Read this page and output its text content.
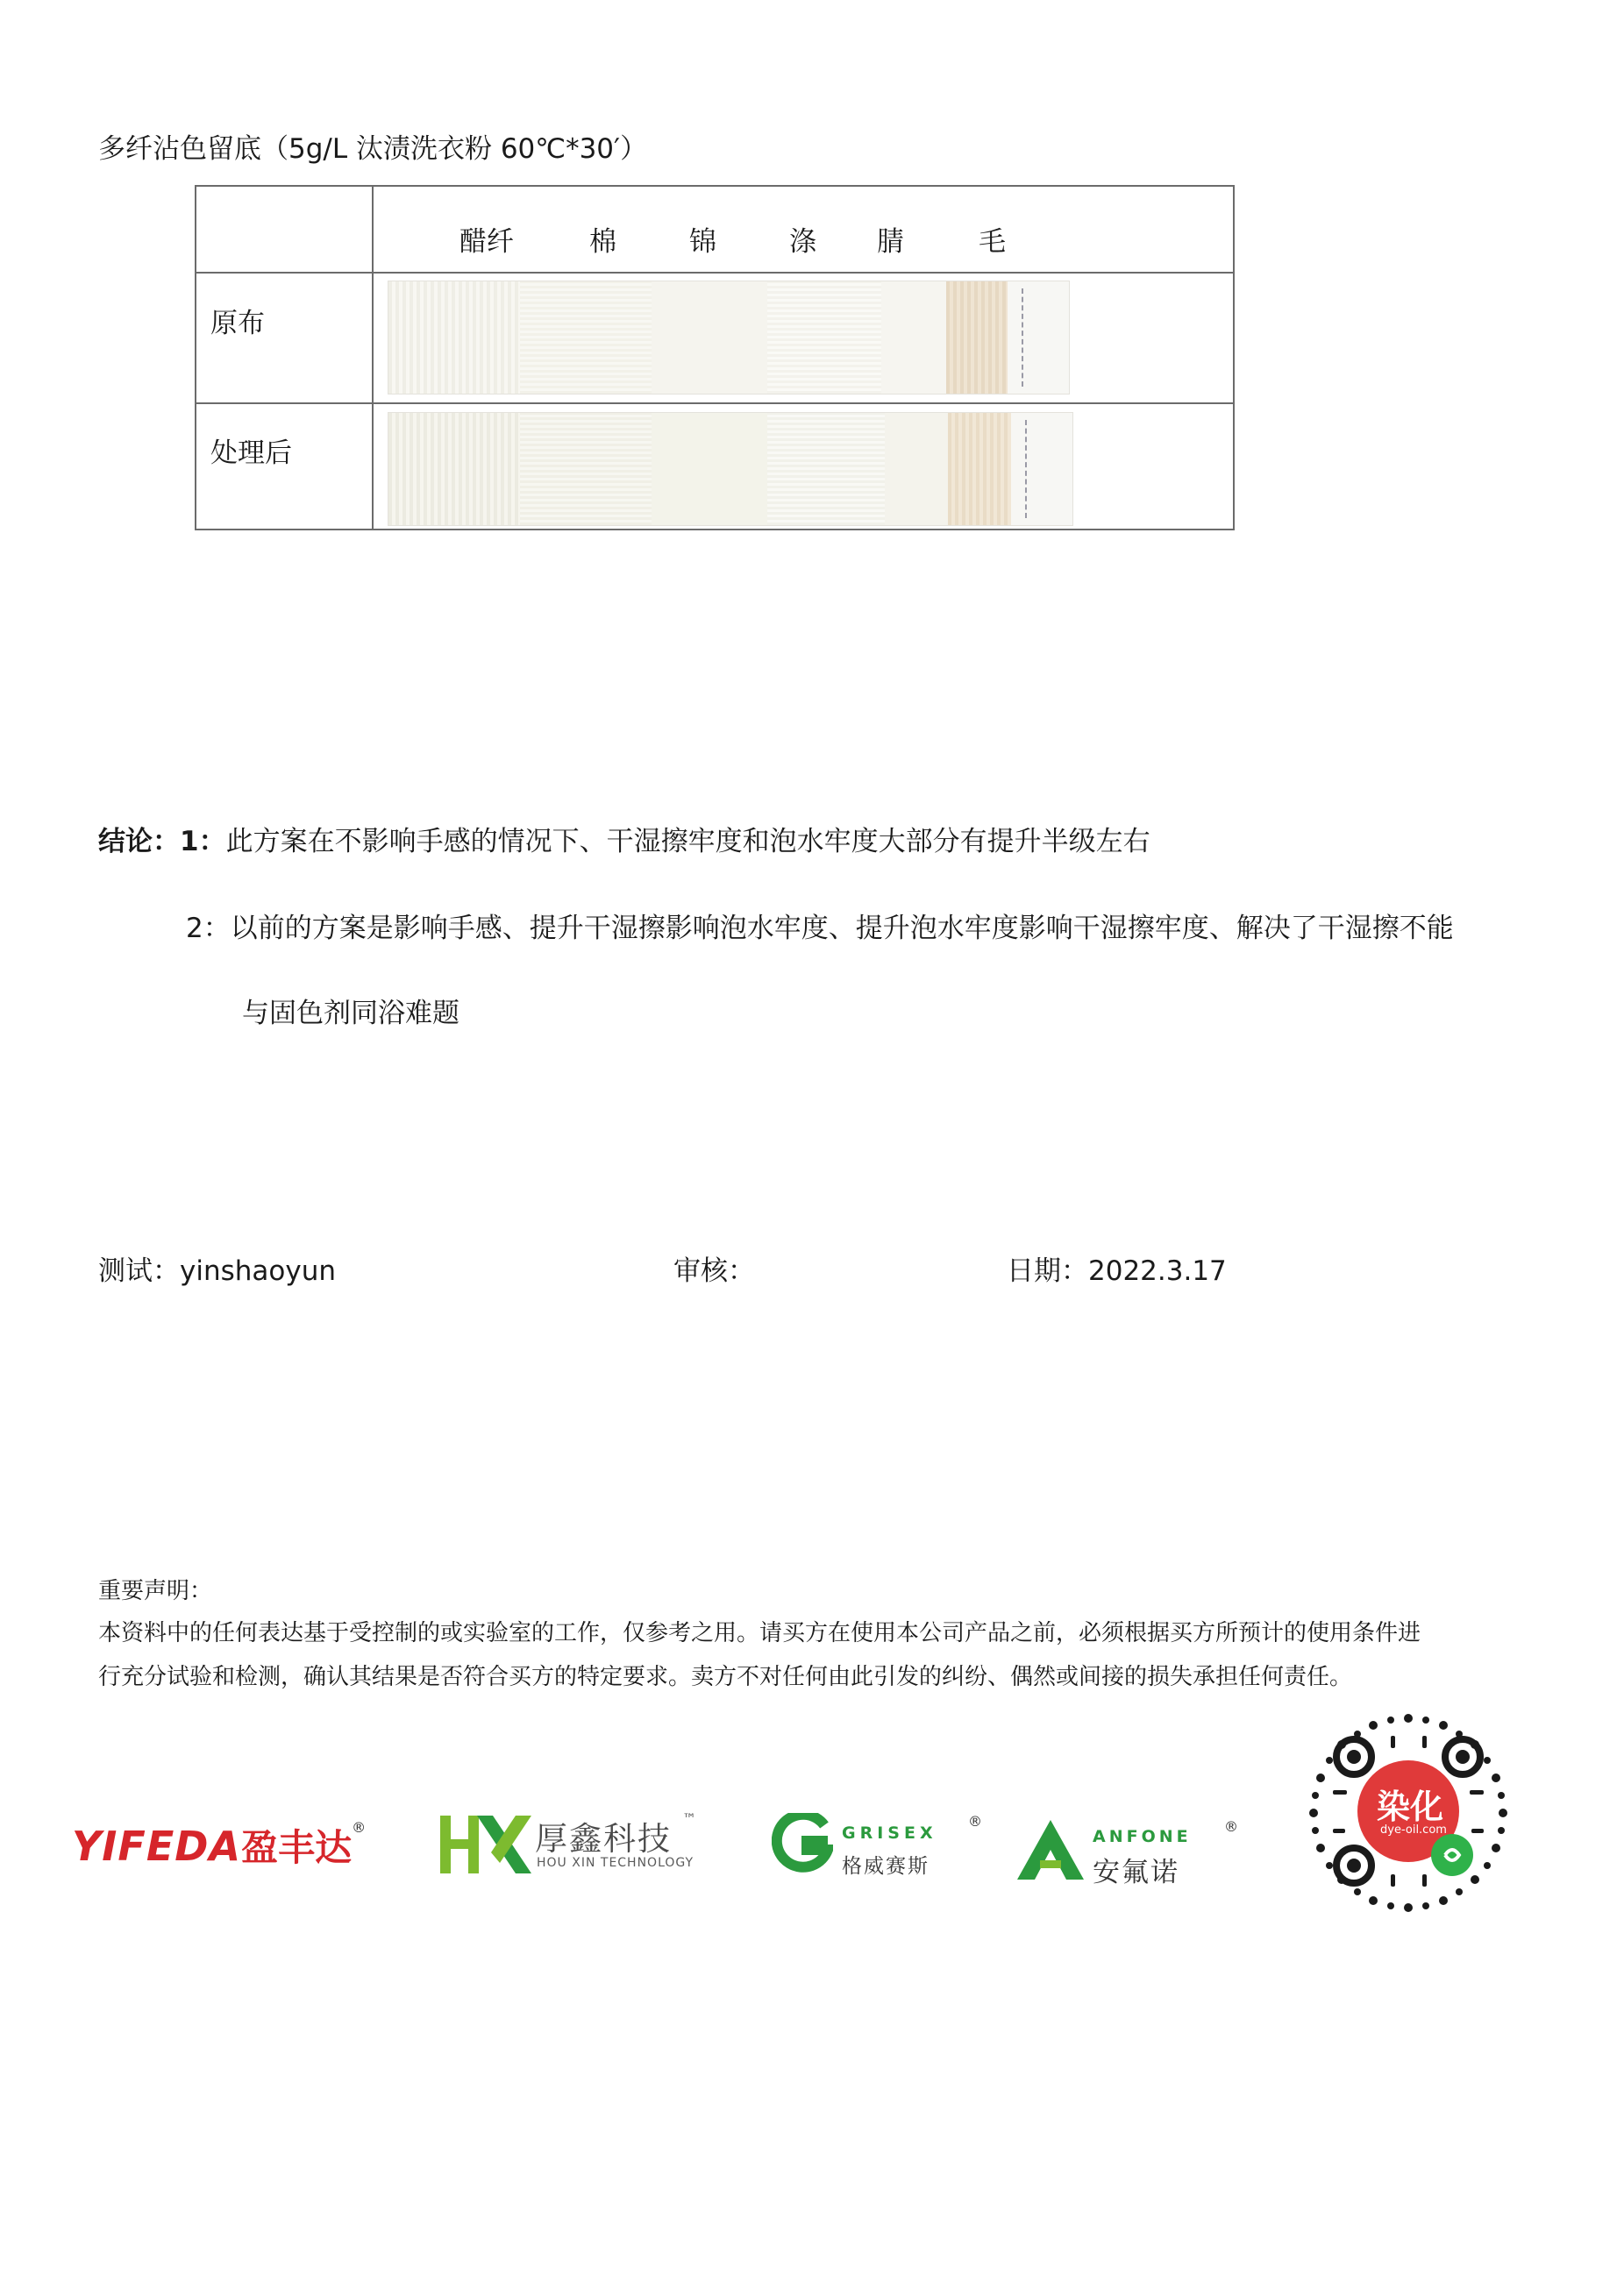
多纤沾色留底（5g/L 汰渍洗衣粉 60℃*30′）
醋纤	棉	锦	涤 腈	毛
原布
处理后
结论：1：此方案在不影响手感的情况下、干湿擦牢度和泡水牢度大部分有提升半级左右
2：以前的方案是影响手感、提升干湿擦影响泡水牢度、提升泡水牢度影响干湿擦牢度、解决了干湿擦不能
与固色剂同浴难题
测试：yinshaoyun	审核：	日期：2022.3.17
重要声明：
本资料中的任何表达基于受控制的或实验室的工作，仅参考之用。请买方在使用本公司产品之前，必须根据买方所预计的使用条件进
行充分试验和检测，确认其结果是否符合买方的特定要求。卖方不对任何由此引发的纠纷、偶然或间接的损失承担任何责任。
YIFEDA盈丰达®	厚鑫科技
™
HOU XIN TECHNOLOGY
GRISEX
®
格威赛斯
ANFONE
®
安氟诺
染化
dye-oil.com
